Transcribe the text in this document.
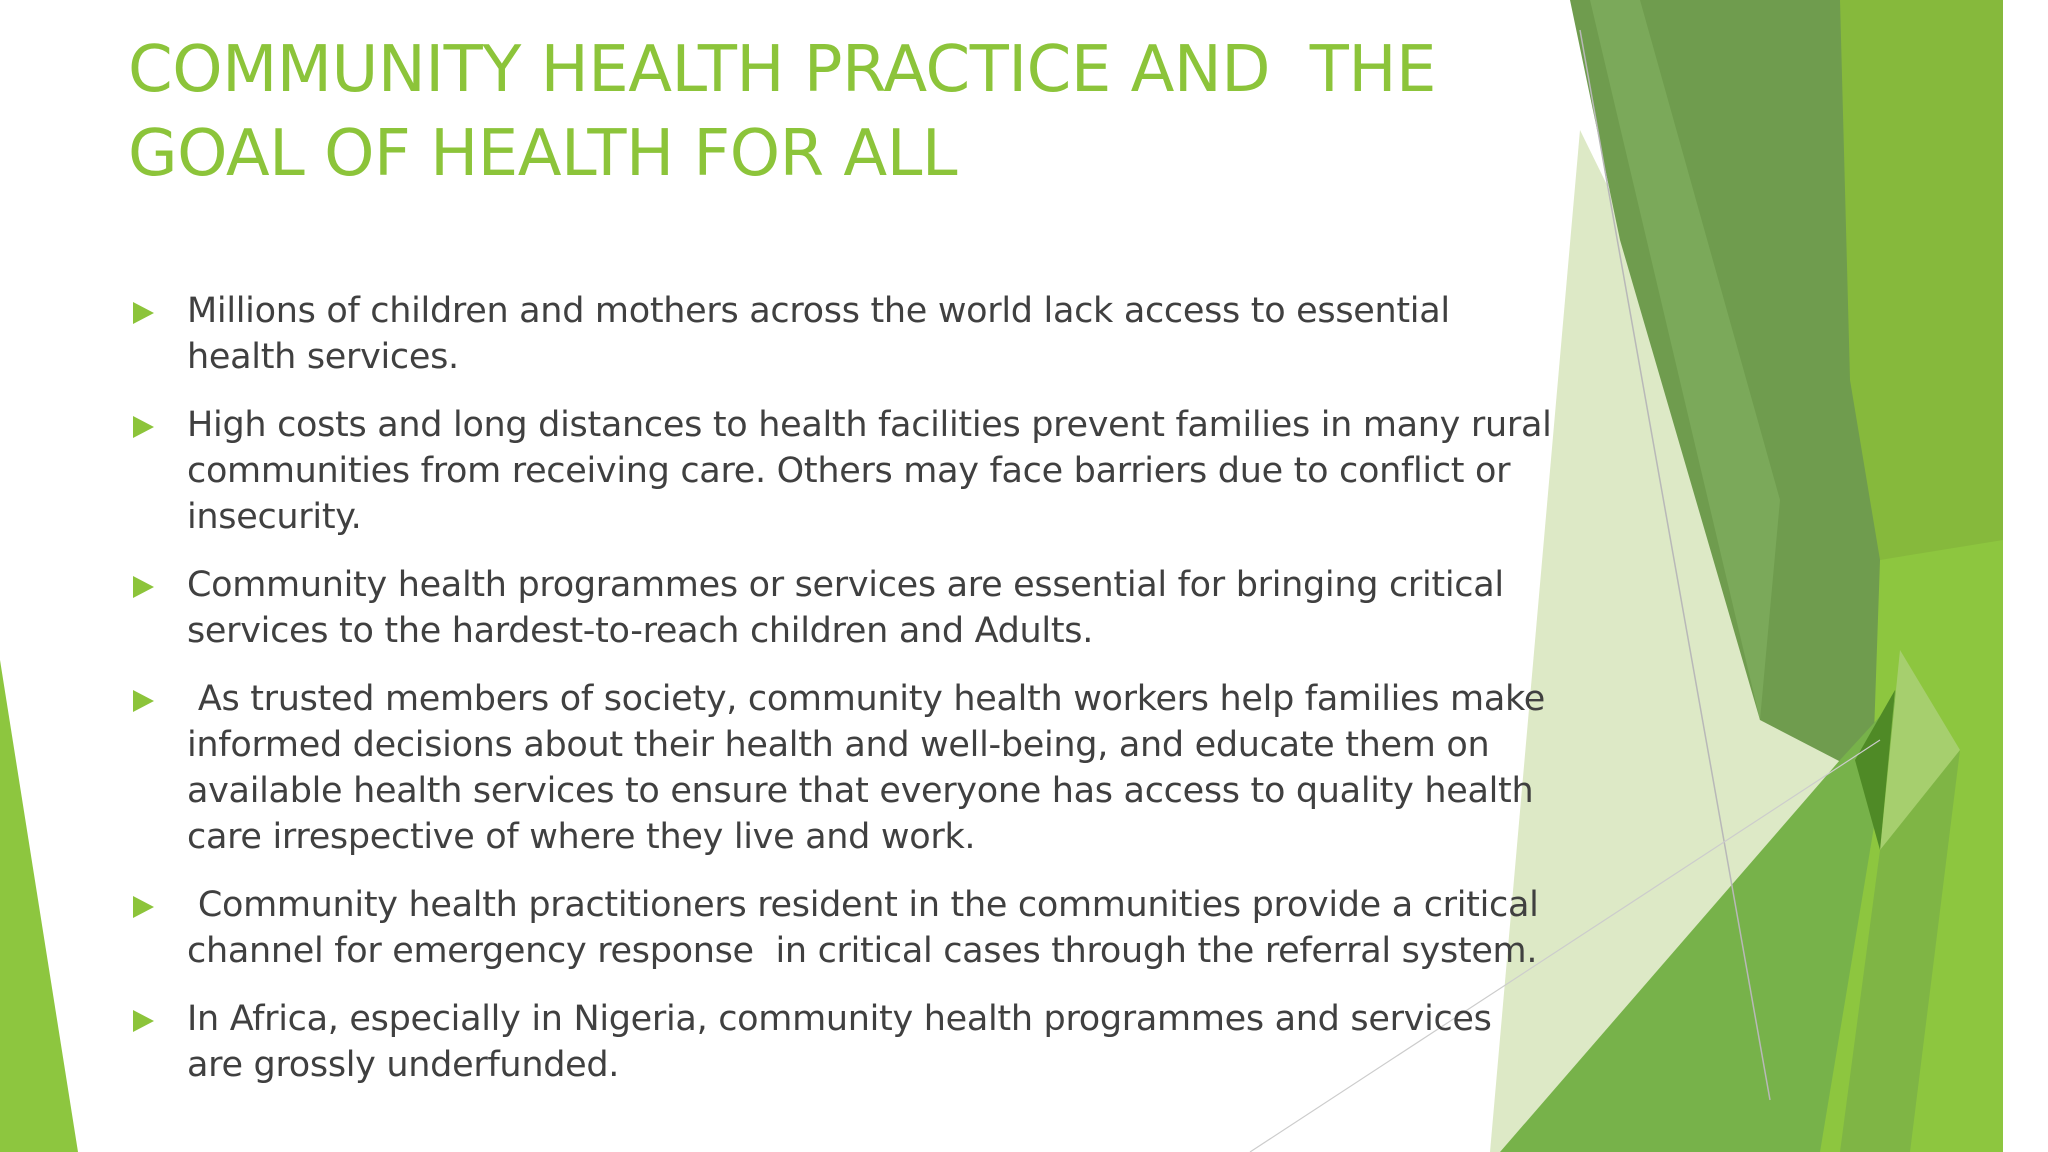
COMMUNITY HEALTH PRACTICE AND  THE
GOAL OF HEALTH FOR ALL
Millions of children and mothers across the world lack access to essential health services.
High costs and long distances to health facilities prevent families in many rural communities from receiving care. Others may face barriers due to conflict or insecurity.
Community health programmes or services are essential for bringing critical services to the hardest-to-reach children and Adults.
As trusted members of society, community health workers help families make informed decisions about their health and well-being, and educate them on available health services to ensure that everyone has access to quality health care irrespective of where they live and work.
Community health practitioners resident in the communities provide a critical channel for emergency response  in critical cases through the referral system.
In Africa, especially in Nigeria, community health programmes and services are grossly underfunded.
